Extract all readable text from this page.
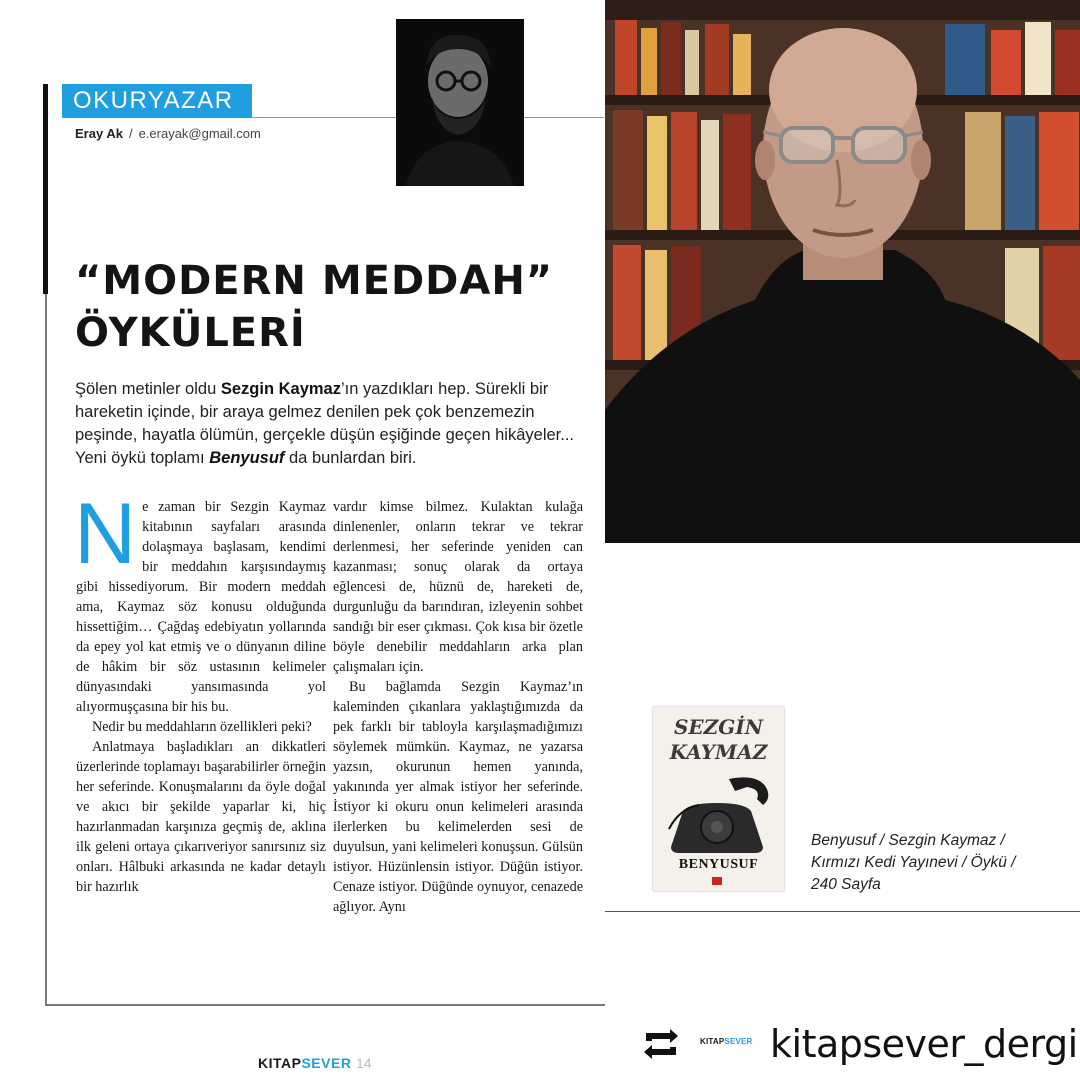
OKURYAZAR
Eray Ak / e.erayak@gmail.com
“MODERN MEDDAH”
ÖYKÜLERİ
Şölen metinler oldu Sezgin Kaymaz’ın yazdıkları hep. Sürekli bir hareketin içinde, bir araya gelmez denilen pek çok benzemezin peşinde, hayatla ölümün, gerçekle düşün eşiğinde geçen hikâyeler... Yeni öykü toplamı Benyusuf da bunlardan biri.

Ne zaman bir Sezgin Kaymaz kitabının sayfaları arasında dolaşmaya başlasam, kendimi bir meddahın karşısındaymış gibi hissediyorum. Bir modern meddah ama, Kaymaz söz konusu olduğunda hissettiğim… Çağdaş edebiyatın yollarında da epey yol kat etmiş ve o dünyanın diline de hâkim bir söz ustasının kelimeler dünyasındaki yansımasında yol alıyormuşçasına bir his bu.

Nedir bu meddahların özellikleri peki?

Anlatmaya başladıkları an dikkatleri üzerlerinde toplamayı başarabilirler örneğin her seferinde. Konuşmalarını da öyle doğal ve akıcı bir şekilde yaparlar ki, hiç hazırlanmadan karşınıza geçmiş de, aklına ilk geleni ortaya çıkarıveriyor sanırsınız siz onları. Hâlbuki arkasında ne kadar detaylı bir hazırlık

vardır kimse bilmez. Kulaktan kulağa dinlenenler, onların tekrar ve tekrar derlenmesi, her seferinde yeniden can kazanması; sonuç olarak da ortaya eğlencesi de, hüznü de, hareketi de, durgunluğu da barındıran, izleyenin sohbet sandığı bir eser çıkması. Çok kısa bir özetle böyle denebilir meddahların arka plan çalışmaları için.

Bu bağlamda Sezgin Kaymaz’ın kaleminden çıkanlara yaklaştığımızda da pek farklı bir tabloyla karşılaşmadığımızı söylemek mümkün. Kaymaz, ne yazarsa yazsın, okurunun hemen yanında, yakınında yer almak istiyor her seferinde. İstiyor ki okuru onun kelimeleri arasında ilerlerken bu kelimelerden sesi de duyulsun, yani kelimeleri konuşsun. Gülsün istiyor. Hüzünlensin istiyor. Düğün istiyor. Cenaze istiyor. Düğünde oynuyor, cenazede ağlıyor. Aynı

SEZGİN
KAYMAZ
BENYUSUF
Benyusuf / Sezgin Kaymaz /
Kırmızı Kedi Yayınevi / Öykü /
240 Sayfa
KITAPSEVER 14
KITAPSEVER kitapsever_dergi
